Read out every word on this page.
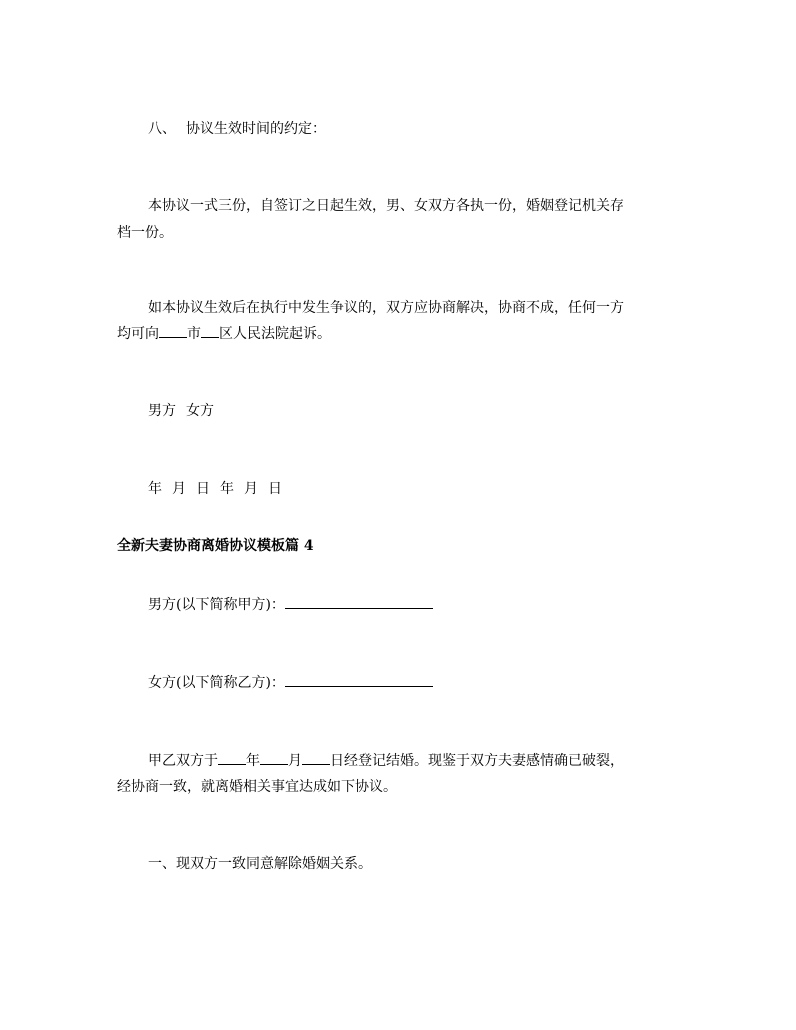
八、 协议生效时间的约定：
本协议一式三份，自签订之日起生效，男、女双方各执一份，婚姻登记机关存
档一份。
如本协议生效后在执行中发生争议的，双方应协商解决，协商不成，任何一方
均可向 市 区人民法院起诉。
男方 女方
年 月 日 年 月 日
全新夫妻协商离婚协议模板篇 4
男方(以下简称甲方)：
女方(以下简称乙方)：
甲乙双方于 年 月 日经登记结婚。现鉴于双方夫妻感情确已破裂，
经协商一致，就离婚相关事宜达成如下协议。
一、现双方一致同意解除婚姻关系。
